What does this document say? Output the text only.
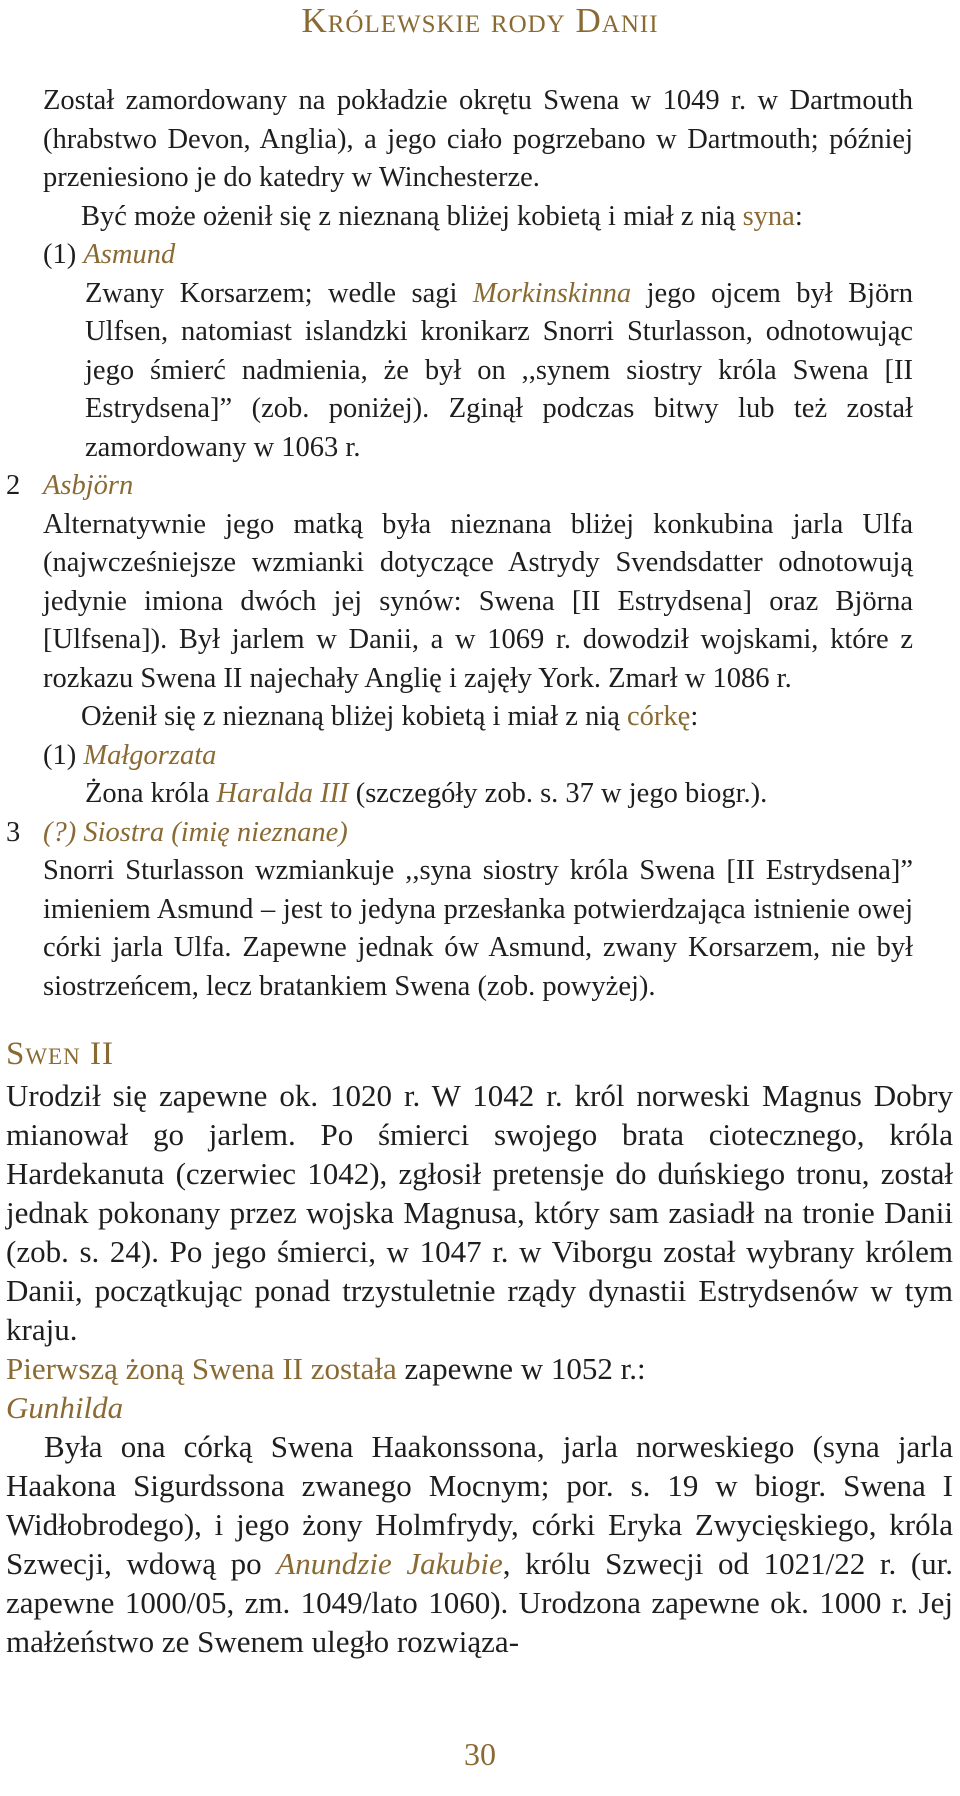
Królewskie rody Danii

Został zamordowany na pokładzie okrętu Swena w 1049 r. w Dartmouth (hrabstwo Devon, Anglia), a jego ciało pogrzebano w Dartmouth; później przeniesiono je do katedry w Winchesterze.

Być może ożenił się z nieznaną bliżej kobietą i miał z nią syna:

(1) Asmund

Zwany Korsarzem; wedle sagi Morkinskinna jego ojcem był Björn Ulfsen, natomiast islandzki kronikarz Snorri Sturlasson, odnotowując jego śmierć nadmienia, że był on ,,synem siostry króla Swena [II Estrydsena]” (zob. poniżej). Zginął podczas bitwy lub też został zamordowany w 1063 r.

2 Asbjörn

Alternatywnie jego matką była nieznana bliżej konkubina jarla Ulfa (najwcześniejsze wzmianki dotyczące Astrydy Svendsdatter odnotowują jedynie imiona dwóch jej synów: Swena [II Estrydsena] oraz Björna [Ulfsena]). Był jarlem w Danii, a w 1069 r. dowodził wojskami, które z rozkazu Swena II najechały Anglię i zajęły York. Zmarł w 1086 r.

Ożenił się z nieznaną bliżej kobietą i miał z nią córkę:

(1) Małgorzata

Żona króla Haralda III (szczegóły zob. s. 37 w jego biogr.).

3 (?) Siostra (imię nieznane)

Snorri Sturlasson wzmiankuje ,,syna siostry króla Swena [II Estrydsena]” imieniem Asmund – jest to jedyna przesłanka potwierdzająca istnienie owej córki jarla Ulfa. Zapewne jednak ów Asmund, zwany Korsarzem, nie był siostrzeńcem, lecz bratankiem Swena (zob. powyżej).

Swen II

Urodził się zapewne ok. 1020 r. W 1042 r. król norweski Magnus Dobry mianował go jarlem. Po śmierci swojego brata ciotecznego, króla Hardekanuta (czerwiec 1042), zgłosił pretensje do duńskiego tronu, został jednak pokonany przez wojska Magnusa, który sam zasiadł na tronie Danii (zob. s. 24). Po jego śmierci, w 1047 r. w Viborgu został wybrany królem Danii, początkując ponad trzystuletnie rządy dynastii Estrydsenów w tym kraju.

Pierwszą żoną Swena II została zapewne w 1052 r.:

Gunhilda

Była ona córką Swena Haakonssona, jarla norweskiego (syna jarla Haakona Sigurdssona zwanego Mocnym; por. s. 19 w biogr. Swena I Widłobrodego), i jego żony Holmfrydy, córki Eryka Zwycięskiego, króla Szwecji, wdową po Anundzie Jakubie, królu Szwecji od 1021/22 r. (ur. zapewne 1000/05, zm. 1049/lato 1060). Urodzona zapewne ok. 1000 r. Jej małżeństwo ze Swenem uległo rozwiąza-

30
